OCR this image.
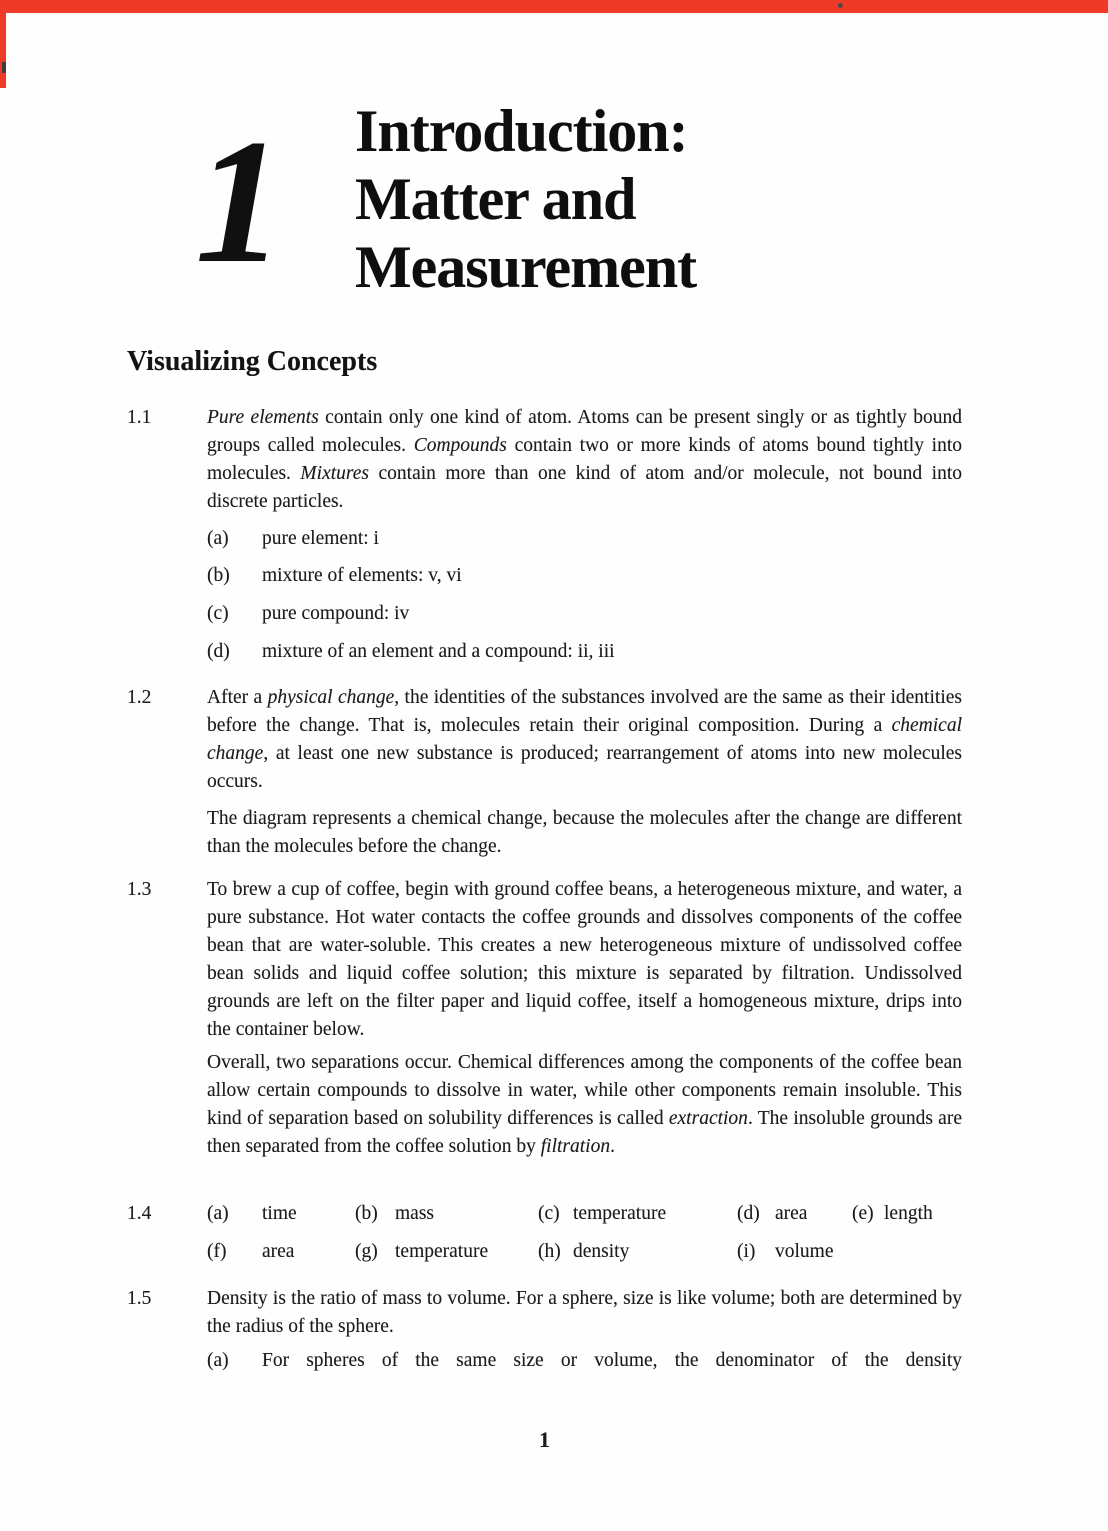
1 Introduction:
Matter and
Measurement
Visualizing Concepts
1.1	Pure elements contain only one kind of atom. Atoms can be present singly or as tightly bound groups called molecules. Compounds contain two or more kinds of atoms bound tightly into molecules. Mixtures contain more than one kind of atom and/or molecule, not bound into discrete particles.
(a) pure element: i
(b) mixture of elements: v, vi
(c) pure compound: iv
(d) mixture of an element and a compound: ii, iii
1.2	After a physical change, the identities of the substances involved are the same as their identities before the change. That is, molecules retain their original composition. During a chemical change, at least one new substance is produced; rearrangement of atoms into new molecules occurs.
The diagram represents a chemical change, because the molecules after the change are different than the molecules before the change.
1.3	To brew a cup of coffee, begin with ground coffee beans, a heterogeneous mixture, and water, a pure substance. Hot water contacts the coffee grounds and dissolves components of the coffee bean that are water-soluble. This creates a new heterogeneous mixture of undissolved coffee bean solids and liquid coffee solution; this mixture is separated by filtration. Undissolved grounds are left on the filter paper and liquid coffee, itself a homogeneous mixture, drips into the container below.
Overall, two separations occur. Chemical differences among the components of the coffee bean allow certain compounds to dissolve in water, while other components remain insoluble. This kind of separation based on solubility differences is called extraction. The insoluble grounds are then separated from the coffee solution by filtration.
1.4	(a) time	(b) mass	(c) temperature	(d) area (e) length
(f) area	(g) temperature	(h) density	(i) volume
1.5	Density is the ratio of mass to volume. For a sphere, size is like volume; both are determined by the radius of the sphere.
(a)	For spheres of the same size or volume, the denominator of the density
1
